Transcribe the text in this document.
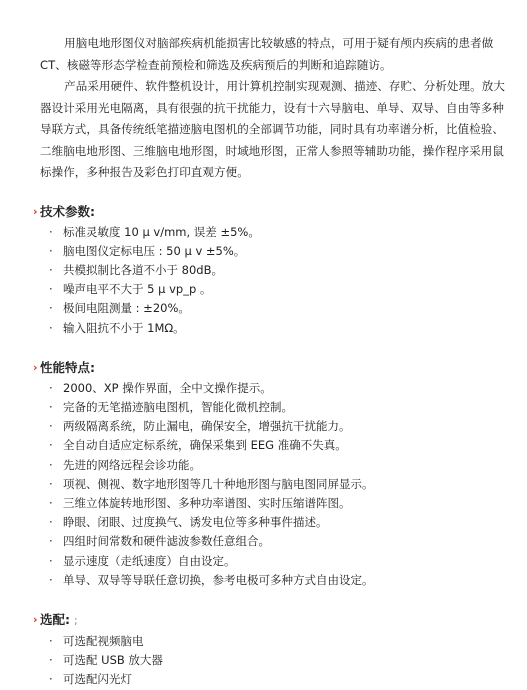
用脑电地形图仪对脑部疾病机能损害比较敏感的特点，可用于疑有颅内疾病的患者做 CT、核磁等形态学检查前预检和筛选及疾病预后的判断和追踪随访。

产品采用硬件、软件整机设计，用计算机控制实现观测、描迹、存贮、分析处理。放大器设计采用光电隔离，具有很强的抗干扰能力，设有十六导脑电、单导、双导、自由等多种导联方式，具备传统纸笔描迹脑电图机的全部调节功能，同时具有功率谱分析，比值检验、二维脑电地形图、三维脑电地形图，时域地形图，正常人参照等辅助功能，操作程序采用鼠标操作，多种报告及彩色打印直观方便。

› 技术参数:
· 标准灵敏度 10 μ v/mm, 误差 ±5%。
· 脑电图仪定标电压 : 50 μ v ±5%。
· 共模拟制比各道不小于 80dB。
· 噪声电平不大于 5 μ vp_p 。
· 极间电阻测量 : ±20%。
· 输入阻抗不小于 1MΩ。
› 性能特点:
· 2000、XP 操作界面，全中文操作提示。
· 完备的无笔描迹脑电图机，智能化微机控制。
· 两级隔离系统，防止漏电，确保安全，增强抗干扰能力。
· 全自动自适应定标系统，确保采集到 EEG 准确不失真。
· 先进的网络远程会诊功能。
· 项视、侧视、数字地形图等几十种地形图与脑电图同屏显示。
· 三维立体旋转地形图、多种功率谱图、实时压缩谱阵图。
· 睁眼、闭眼、过度换气、诱发电位等多种事件描述。
· 四组时间常数和硬件滤波参数任意组合。
· 显示速度（走纸速度）自由设定。
· 单导、双导等导联任意切换，参考电极可多种方式自由设定。
› 选配: ;
· 可选配视频脑电
· 可选配 USB 放大器
· 可选配闪光灯
